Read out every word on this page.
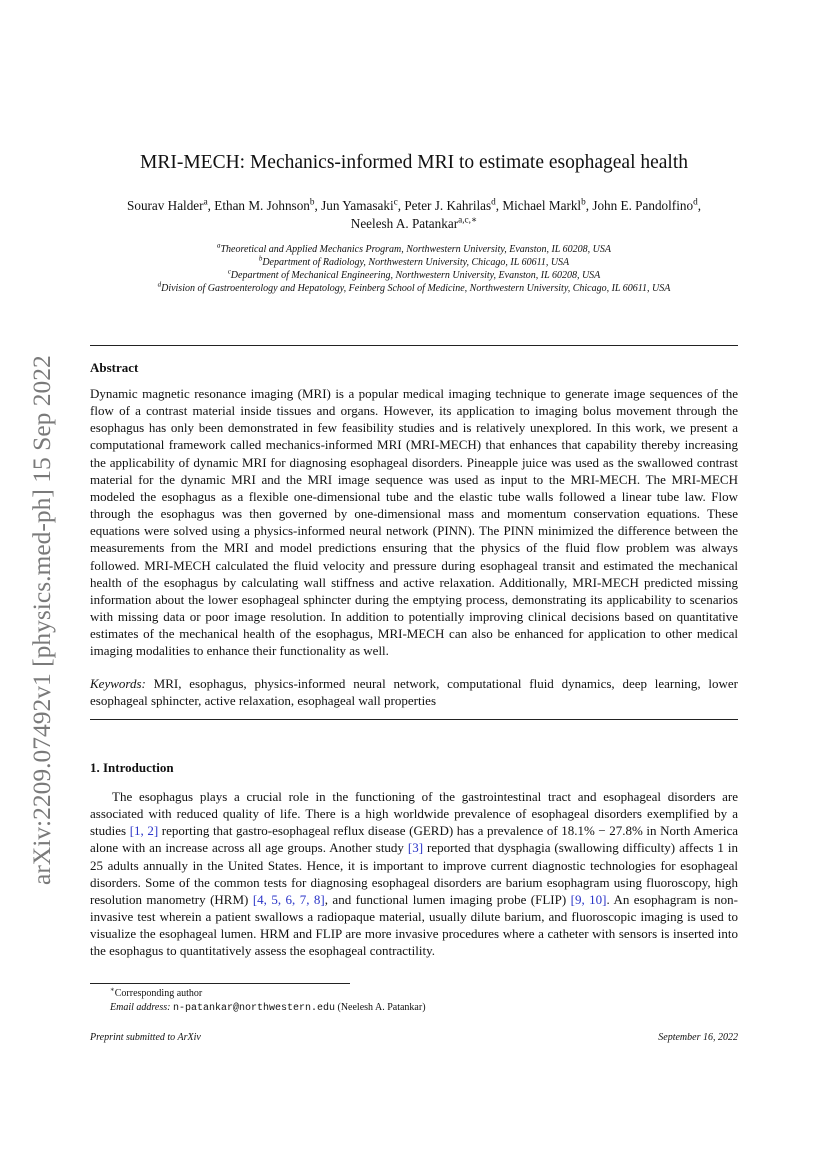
arXiv:2209.07492v1 [physics.med-ph] 15 Sep 2022
MRI-MECH: Mechanics-informed MRI to estimate esophageal health
Sourav Halder$^a$, Ethan M. Johnson$^b$, Jun Yamasaki$^c$, Peter J. Kahrilas$^d$, Michael Markl$^b$, John E. Pandolfino$^d$,
Neelesh A. Patankar$^{a,c,∗}$
$^a$Theoretical and Applied Mechanics Program, Northwestern University, Evanston, IL 60208, USA
$^b$Department of Radiology, Northwestern University, Chicago, IL 60611, USA
$^c$Department of Mechanical Engineering, Northwestern University, Evanston, IL 60208, USA
$^d$Division of Gastroenterology and Hepatology, Feinberg School of Medicine, Northwestern University, Chicago, IL 60611, USA
Abstract
Dynamic magnetic resonance imaging (MRI) is a popular medical imaging technique to generate image sequences of the flow of a contrast material inside tissues and organs. However, its application to imaging bolus movement through the esophagus has only been demonstrated in few feasibility studies and is relatively unexplored. In this work, we present a computational framework called mechanics-informed MRI (MRI-MECH) that enhances that capability thereby increasing the applicability of dynamic MRI for diagnosing esophageal disorders. Pineapple juice was used as the swallowed contrast material for the dynamic MRI and the MRI image sequence was used as input to the MRI-MECH. The MRI-MECH modeled the esophagus as a flexible one-dimensional tube and the elastic tube walls followed a linear tube law. Flow through the esophagus was then governed by one-dimensional mass and momentum conservation equations. These equations were solved using a physics-informed neural network (PINN). The PINN minimized the difference between the measurements from the MRI and model predictions ensuring that the physics of the fluid flow problem was always followed. MRI-MECH calculated the fluid velocity and pressure during esophageal transit and estimated the mechanical health of the esophagus by calculating wall stiffness and active relaxation. Additionally, MRI-MECH predicted missing information about the lower esophageal sphincter during the emptying process, demonstrating its applicability to scenarios with missing data or poor image resolution. In addition to potentially improving clinical decisions based on quantitative estimates of the mechanical health of the esophagus, MRI-MECH can also be enhanced for application to other medical imaging modalities to enhance their functionality as well.
Keywords: MRI, esophagus, physics-informed neural network, computational fluid dynamics, deep learning, lower esophageal sphincter, active relaxation, esophageal wall properties
1. Introduction
The esophagus plays a crucial role in the functioning of the gastrointestinal tract and esophageal disorders are associated with reduced quality of life. There is a high worldwide prevalence of esophageal disorders exemplified by a studies [1, 2] reporting that gastro-esophageal reflux disease (GERD) has a prevalence of 18.1% − 27.8% in North America alone with an increase across all age groups. Another study [3] reported that dysphagia (swallowing difficulty) affects 1 in 25 adults annually in the United States. Hence, it is important to improve current diagnostic technologies for esophageal disorders. Some of the common tests for diagnosing esophageal disorders are barium esophagram using fluoroscopy, high resolution manometry (HRM) [4, 5, 6, 7, 8], and functional lumen imaging probe (FLIP) [9, 10]. An esophagram is non-invasive test wherein a patient swallows a radiopaque material, usually dilute barium, and fluoroscopic imaging is used to visualize the esophageal lumen. HRM and FLIP are more invasive procedures where a catheter with sensors is inserted into the esophagus to quantitatively assess the esophageal contractility.
∗Corresponding author
Email address: n-patankar@northwestern.edu (Neelesh A. Patankar)
Preprint submitted to ArXiv	September 16, 2022
